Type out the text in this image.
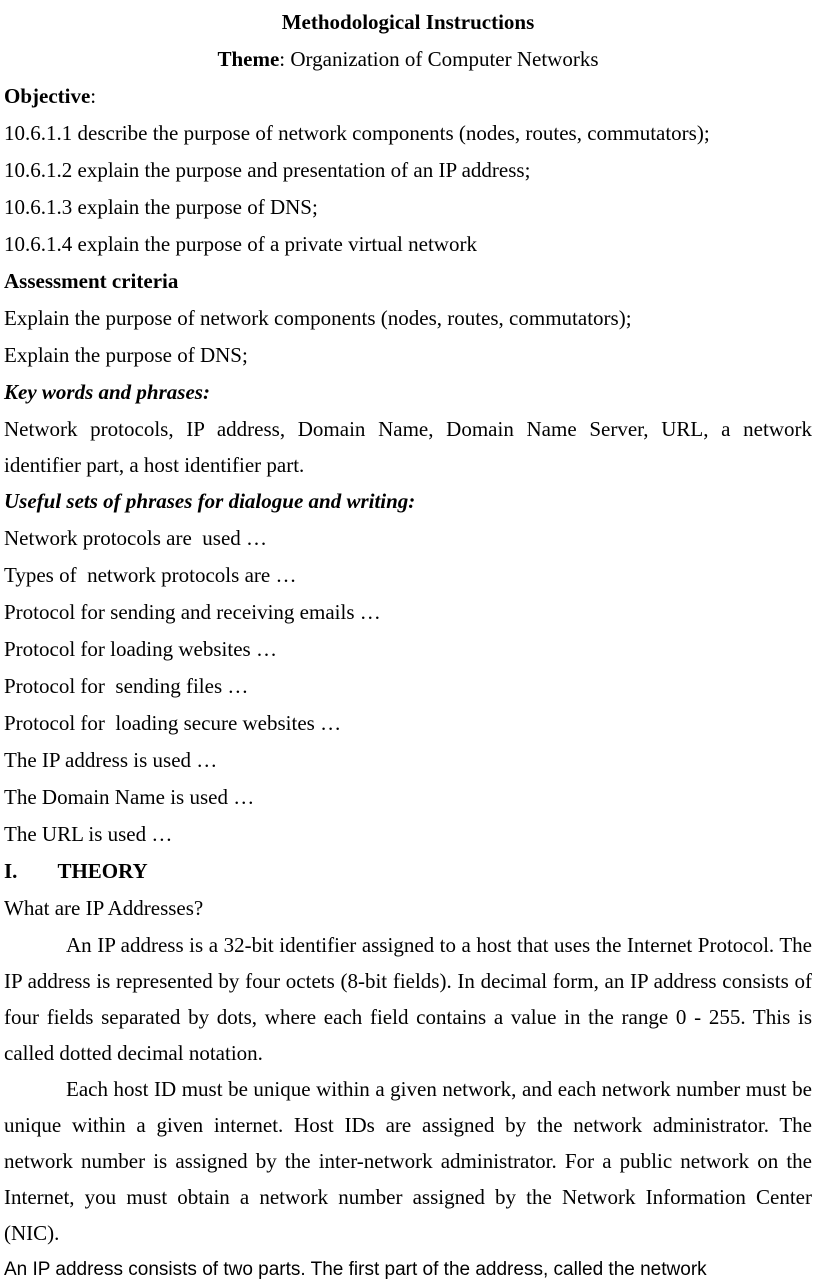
Methodological Instructions

Theme: Organization of Computer Networks

Objective:

10.6.1.1 describe the purpose of network components (nodes, routes, commutators);

10.6.1.2 explain the purpose and presentation of an IP address;

10.6.1.3 explain the purpose of DNS;

10.6.1.4 explain the purpose of a private virtual network

Assessment criteria

Explain the purpose of network components (nodes, routes, commutators);

Explain the purpose of DNS;

Key words and phrases:

Network protocols, IP address, Domain Name, Domain Name Server, URL, a network identifier part, a host identifier part.

Useful sets of phrases for dialogue and writing:

Network protocols are  used …

Types of  network protocols are …

Protocol for sending and receiving emails …

Protocol for loading websites …

Protocol for  sending files …

Protocol for  loading secure websites …

The IP address is used …

The Domain Name is used …

The URL is used …

I. THEORY

What are IP Addresses?

An IP address is a 32-bit identifier assigned to a host that uses the Internet Protocol. The IP address is represented by four octets (8-bit fields). In decimal form, an IP address consists of four fields separated by dots, where each field contains a value in the range 0 - 255. This is called dotted decimal notation.

Each host ID must be unique within a given network, and each network number must be unique within a given internet. Host IDs are assigned by the network administrator. The network number is assigned by the inter-network administrator. For a public network on the Internet, you must obtain a network number assigned by the Network Information Center (NIC).

An IP address consists of two parts. The first part of the address, called the network
